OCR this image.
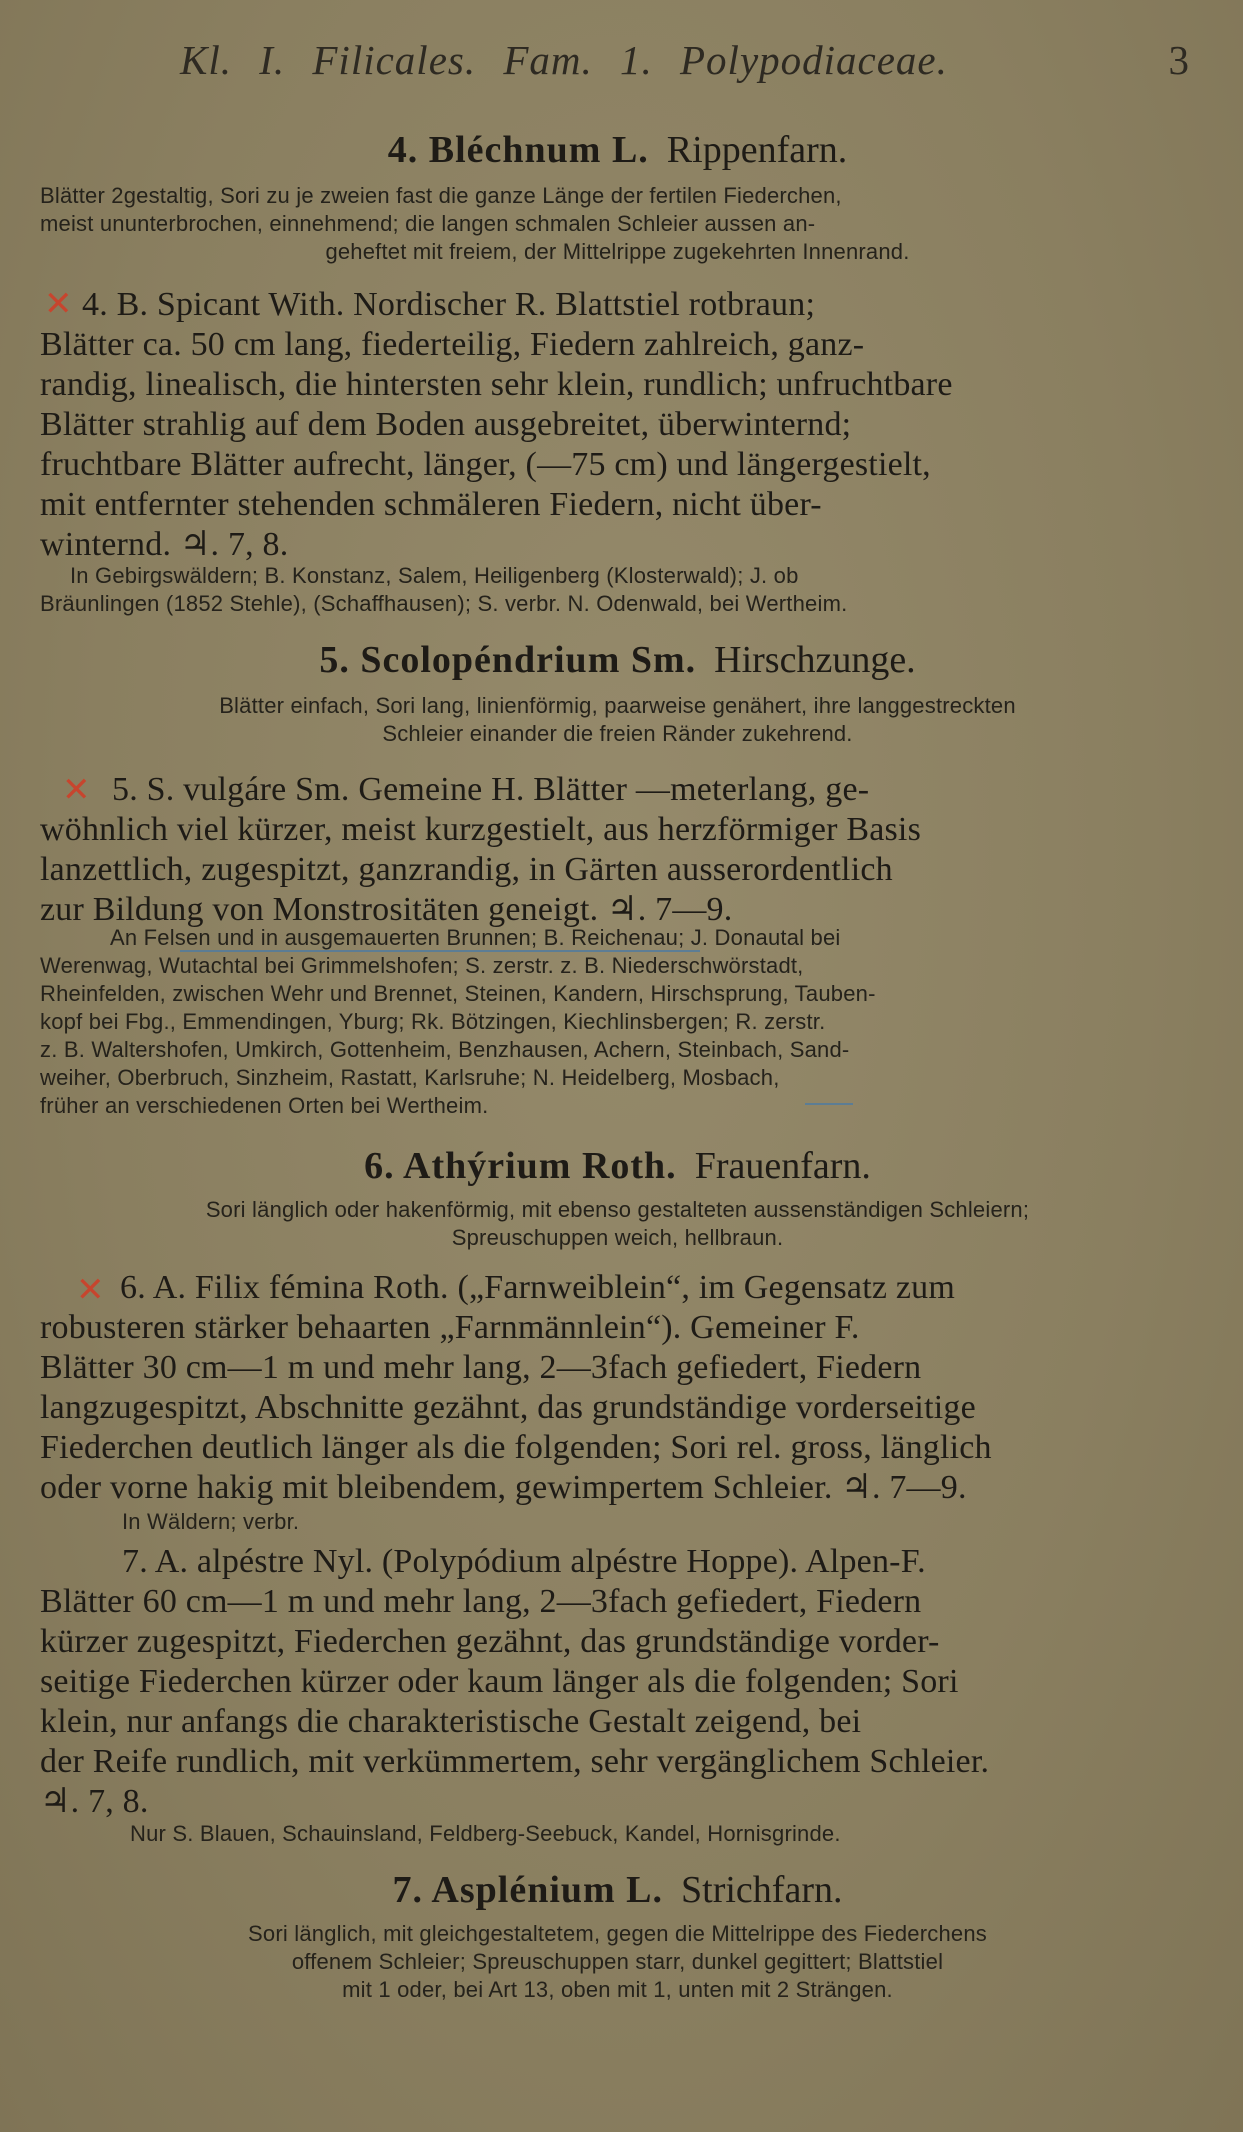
Kl. I. Filicales. Fam. 1. Polypodiaceae.	3
4. Bléchnum L. Rippenfarn.
Blätter 2gestaltig, Sori zu je zweien fast die ganze Länge der fertilen Fiederchen,
meist ununterbrochen, einnehmend; die langen schmalen Schleier aussen an-
geheftet mit freiem, der Mittelrippe zugekehrten Innenrand.
✕ 4. B. Spicant With. Nordischer R. Blattstiel rotbraun;
Blätter ca. 50 cm lang, fiederteilig, Fiedern zahlreich, ganz-
randig, linealisch, die hintersten sehr klein, rundlich; unfruchtbare
Blätter strahlig auf dem Boden ausgebreitet, überwinternd;
fruchtbare Blätter aufrecht, länger, (—75 cm) und längergestielt,
mit entfernter stehenden schmäleren Fiedern, nicht über-
winternd. ♃. 7, 8.
In Gebirgswäldern; B. Konstanz, Salem, Heiligenberg (Klosterwald); J. ob
Bräunlingen (1852 Stehle), (Schaffhausen); S. verbr. N. Odenwald, bei Wertheim.
5. Scolopéndrium Sm. Hirschzunge.
Blätter einfach, Sori lang, linienförmig, paarweise genähert, ihre langgestreckten
Schleier einander die freien Ränder zukehrend.
✕ 5. S. vulgáre Sm. Gemeine H. Blätter —meterlang, ge-
wöhnlich viel kürzer, meist kurzgestielt, aus herzförmiger Basis
lanzettlich, zugespitzt, ganzrandig, in Gärten ausserordentlich
zur Bildung von Monstrositäten geneigt. ♃. 7—9.
An Felsen und in ausgemauerten Brunnen; B. Reichenau; J. Donautal bei
Werenwag, Wutachtal bei Grimmelshofen; S. zerstr. z. B. Niederschwörstadt,
Rheinfelden, zwischen Wehr und Brennet, Steinen, Kandern, Hirschsprung, Tauben-
kopf bei Fbg., Emmendingen, Yburg; Rk. Bötzingen, Kiechlinsbergen; R. zerstr.
z. B. Waltershofen, Umkirch, Gottenheim, Benzhausen, Achern, Steinbach, Sand-
weiher, Oberbruch, Sinzheim, Rastatt, Karlsruhe; N. Heidelberg, Mosbach,
früher an verschiedenen Orten bei Wertheim.
6. Athýrium Roth. Frauenfarn.
Sori länglich oder hakenförmig, mit ebenso gestalteten aussenständigen Schleiern;
Spreuschuppen weich, hellbraun.
✕ 6. A. Filix fémina Roth. („Farnweiblein“, im Gegensatz zum
robusteren stärker behaarten „Farnmännlein“). Gemeiner F.
Blätter 30 cm—1 m und mehr lang, 2—3fach gefiedert, Fiedern
langzugespitzt, Abschnitte gezähnt, das grundständige vorderseitige
Fiederchen deutlich länger als die folgenden; Sori rel. gross, länglich
oder vorne hakig mit bleibendem, gewimpertem Schleier. ♃. 7—9.
In Wäldern; verbr.
7. A. alpéstre Nyl. (Polypódium alpéstre Hoppe). Alpen-F.
Blätter 60 cm—1 m und mehr lang, 2—3fach gefiedert, Fiedern
kürzer zugespitzt, Fiederchen gezähnt, das grundständige vorder-
seitige Fiederchen kürzer oder kaum länger als die folgenden; Sori
klein, nur anfangs die charakteristische Gestalt zeigend, bei
der Reife rundlich, mit verkümmertem, sehr vergänglichem Schleier.
♃. 7, 8.
Nur S. Blauen, Schauinsland, Feldberg-Seebuck, Kandel, Hornisgrinde.
7. Asplénium L. Strichfarn.
Sori länglich, mit gleichgestaltetem, gegen die Mittelrippe des Fiederchens
offenem Schleier; Spreuschuppen starr, dunkel gegittert; Blattstiel
mit 1 oder, bei Art 13, oben mit 1, unten mit 2 Strängen.
